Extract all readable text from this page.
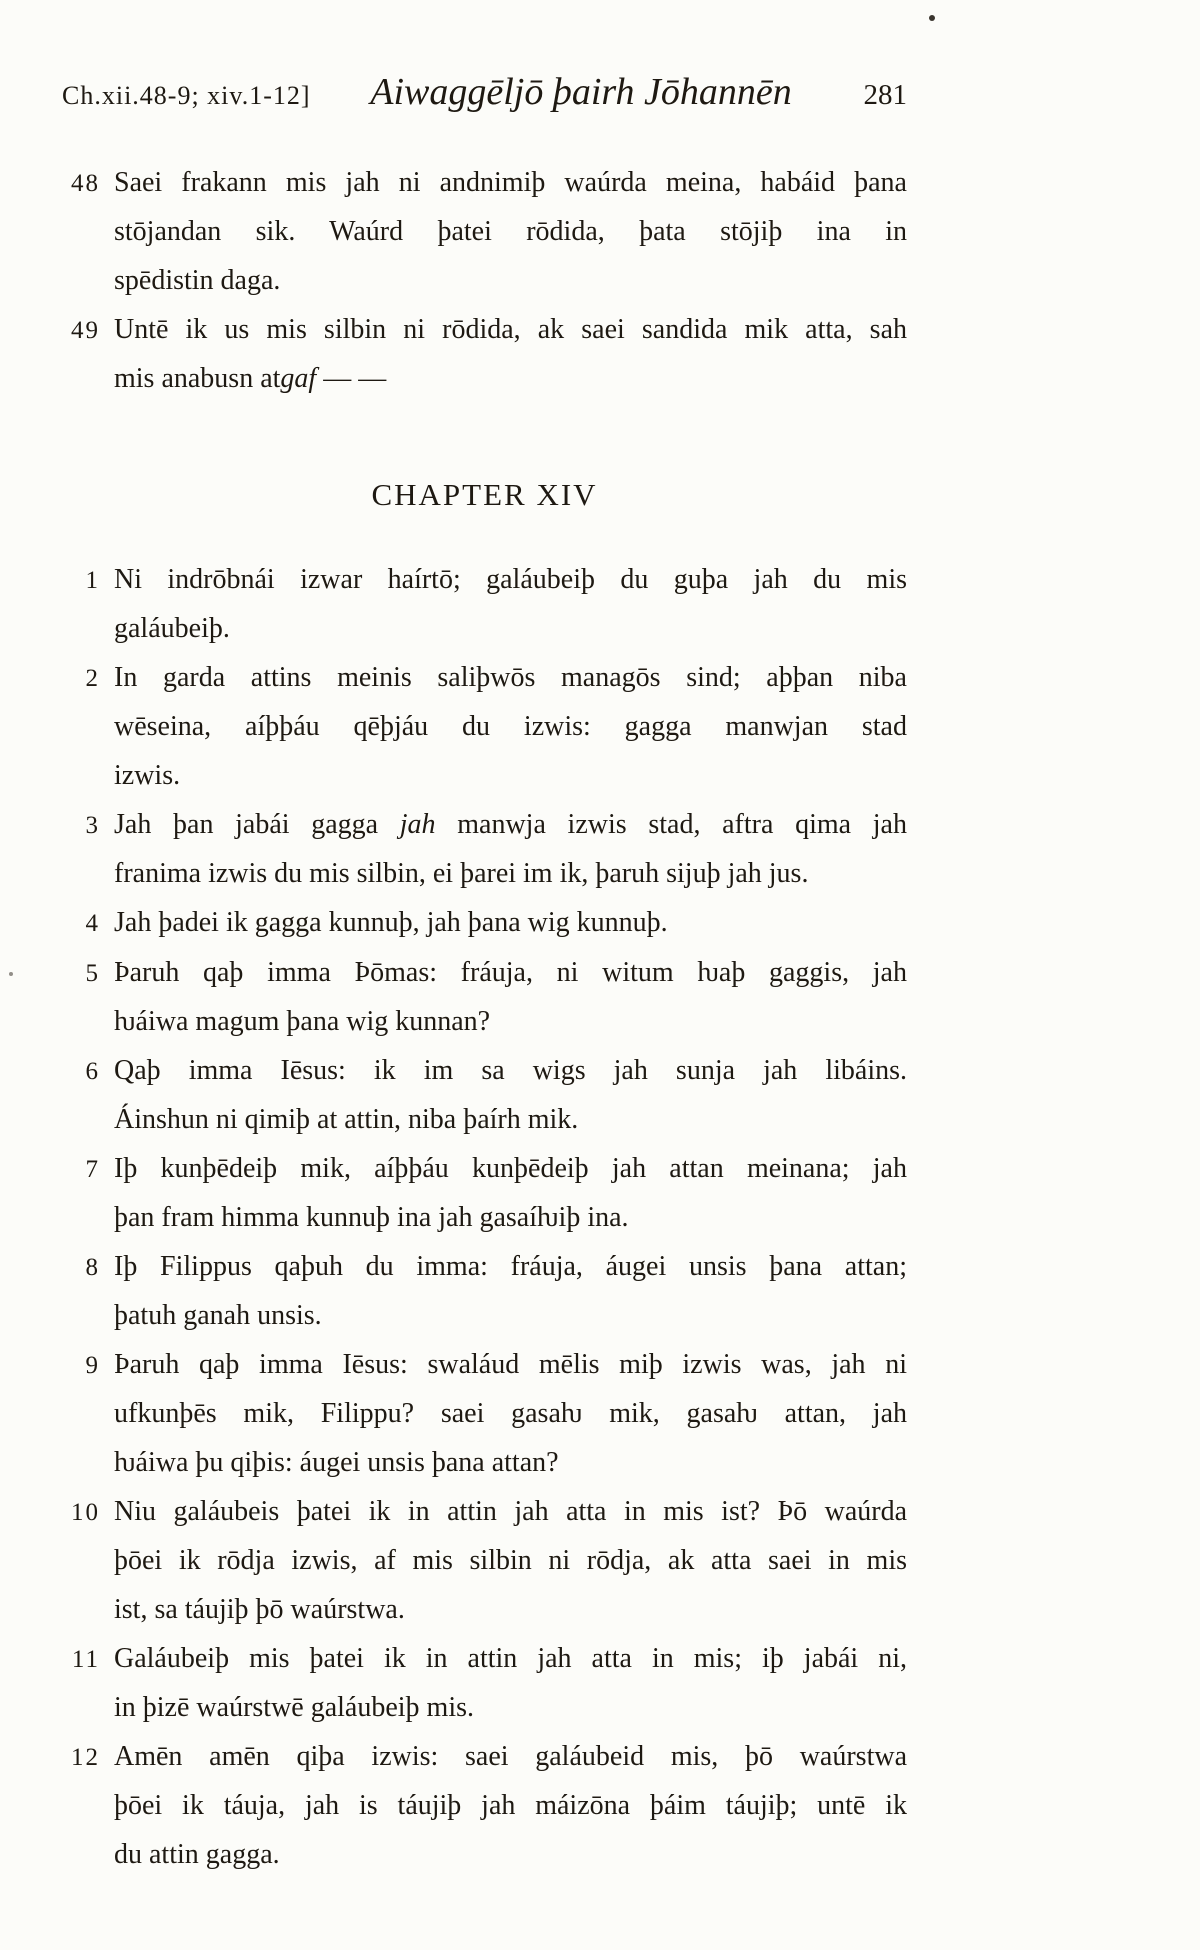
Ch.xii.48-9; xiv.1-12]	Aiwaggēljō þairh Jōhannēn	281
48 Saei frakann mis jah ni andnimiþ waúrda meina, habáid þana
stōjandan sik. Waúrd þatei rōdida, þata stōjiþ ina in
spēdistin daga.
49 Untē ik us mis silbin ni rōdida, ak saei sandida mik atta, sah
mis anabusn atgaf — —
CHAPTER XIV
1 Ni indrōbnái izwar haírtō; galáubeiþ du guþa jah du mis
galáubeiþ.
2 In garda attins meinis saliþwōs managōs sind; aþþan niba
wēseina, aíþþáu qēþjáu du izwis: gagga manwjan stad
izwis.
3 Jah þan jabái gagga jah manwja izwis stad, aftra qima jah
franima izwis du mis silbin, ei þarei im ik, þaruh sijuþ jah jus.
4 Jah þadei ik gagga kunnuþ, jah þana wig kunnuþ.
5 Þaruh qaþ imma Þōmas: fráuja, ni witum ƕaþ gaggis, jah
ƕáiwa magum þana wig kunnan?
6 Qaþ imma Iēsus: ik im sa wigs jah sunja jah libáins.
Áinshun ni qimiþ at attin, niba þaírh mik.
7 Iþ kunþēdeiþ mik, aíþþáu kunþēdeiþ jah attan meinana; jah
þan fram himma kunnuþ ina jah gasaíƕiþ ina.
8 Iþ Filippus qaþuh du imma: fráuja, áugei unsis þana attan;
þatuh ganah unsis.
9 Þaruh qaþ imma Iēsus: swaláud mēlis miþ izwis was, jah ni
ufkunþēs mik, Filippu? saei gasaƕ mik, gasaƕ attan, jah
ƕáiwa þu qiþis: áugei unsis þana attan?
10 Niu galáubeis þatei ik in attin jah atta in mis ist? Þō waúrda
þōei ik rōdja izwis, af mis silbin ni rōdja, ak atta saei in mis
ist, sa táujiþ þō waúrstwa.
11 Galáubeiþ mis þatei ik in attin jah atta in mis; iþ jabái ni,
in þizē waúrstwē galáubeiþ mis.
12 Amēn amēn qiþa izwis: saei galáubeid mis, þō waúrstwa
þōei ik táuja, jah is táujiþ jah máizōna þáim táujiþ; untē ik
du attin gagga.
